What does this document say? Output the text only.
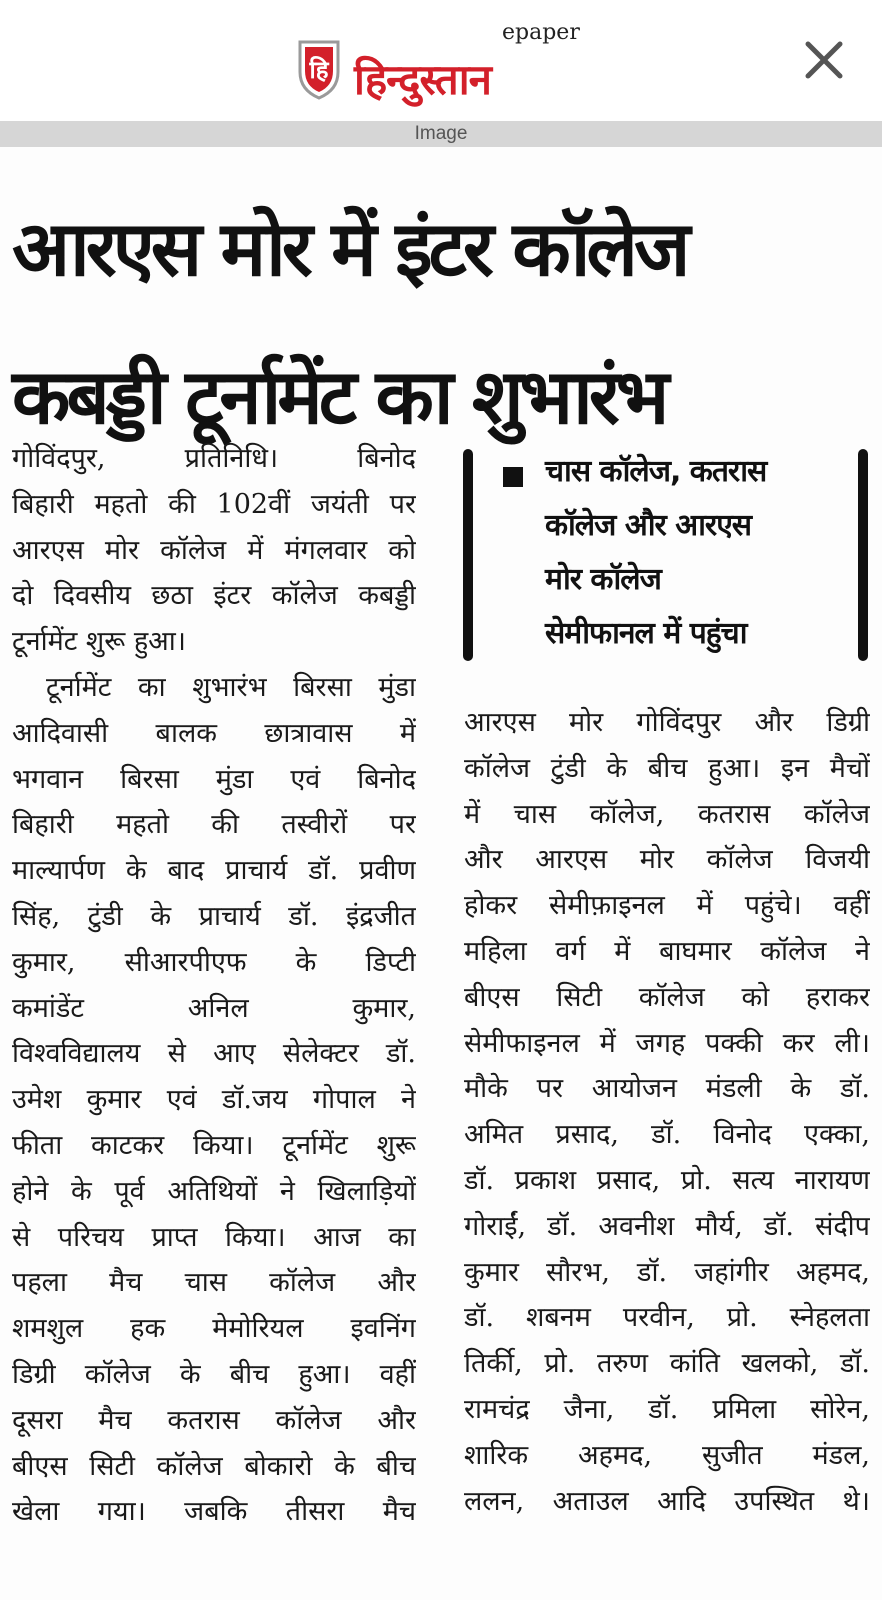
हि हिन्दुस्तान
epaper
Image
आरएस मोर में इंटर कॉलेज
कबड्डी टूर्नामेंट का शुभारंभ
गोविंदपुर, प्रतिनिधि। बिनोद
बिहारी महतो की 102वीं जयंती पर
आरएस मोर कॉलेज में मंगलवार को
दो दिवसीय छठा इंटर कॉलेज कबड्डी
टूर्नामेंट शुरू हुआ।
टूर्नामेंट का शुभारंभ बिरसा मुंडा
आदिवासी बालक छात्रावास में
भगवान बिरसा मुंडा एवं बिनोद
बिहारी महतो की तस्वीरों पर
माल्यार्पण के बाद प्राचार्य डॉ. प्रवीण
सिंह, टुंडी के प्राचार्य डॉ. इंद्रजीत
कुमार, सीआरपीएफ के डिप्टी
कमांडेंट अनिल कुमार,
विश्वविद्यालय से आए सेलेक्टर डॉ.
उमेश कुमार एवं डॉ.जय गोपाल ने
फीता काटकर किया। टूर्नामेंट शुरू
होने के पूर्व अतिथियों ने खिलाड़ियों
से परिचय प्राप्त किया। आज का
पहला मैच चास कॉलेज और
शमशुल हक मेमोरियल इवनिंग
डिग्री कॉलेज के बीच हुआ। वहीं
दूसरा मैच कतरास कॉलेज और
बीएस सिटी कॉलेज बोकारो के बीच
खेला गया। जबकि तीसरा मैच
चास कॉलेज, कतरास
कॉलेज और आरएस
मोर कॉलेज
सेमीफानल में पहुंचा
आरएस मोर गोविंदपुर और डिग्री
कॉलेज टुंडी के बीच हुआ। इन मैचों
में चास कॉलेज, कतरास कॉलेज
और आरएस मोर कॉलेज विजयी
होकर सेमीफ़ाइनल में पहुंचे। वहीं
महिला वर्ग में बाघमार कॉलेज ने
बीएस सिटी कॉलेज को हराकर
सेमीफाइनल में जगह पक्की कर ली।
मौके पर आयोजन मंडली के डॉ.
अमित प्रसाद, डॉ. विनोद एक्का,
डॉ. प्रकाश प्रसाद, प्रो. सत्य नारायण
गोराईं, डॉ. अवनीश मौर्य, डॉ. संदीप
कुमार सौरभ, डॉ. जहांगीर अहमद,
डॉ. शबनम परवीन, प्रो. स्नेहलता
तिर्की, प्रो. तरुण कांति खलको, डॉ.
रामचंद्र जैना, डॉ. प्रमिला सोरेन,
शारिक अहमद, सुजीत मंडल,
ललन, अताउल आदि उपस्थित थे।
